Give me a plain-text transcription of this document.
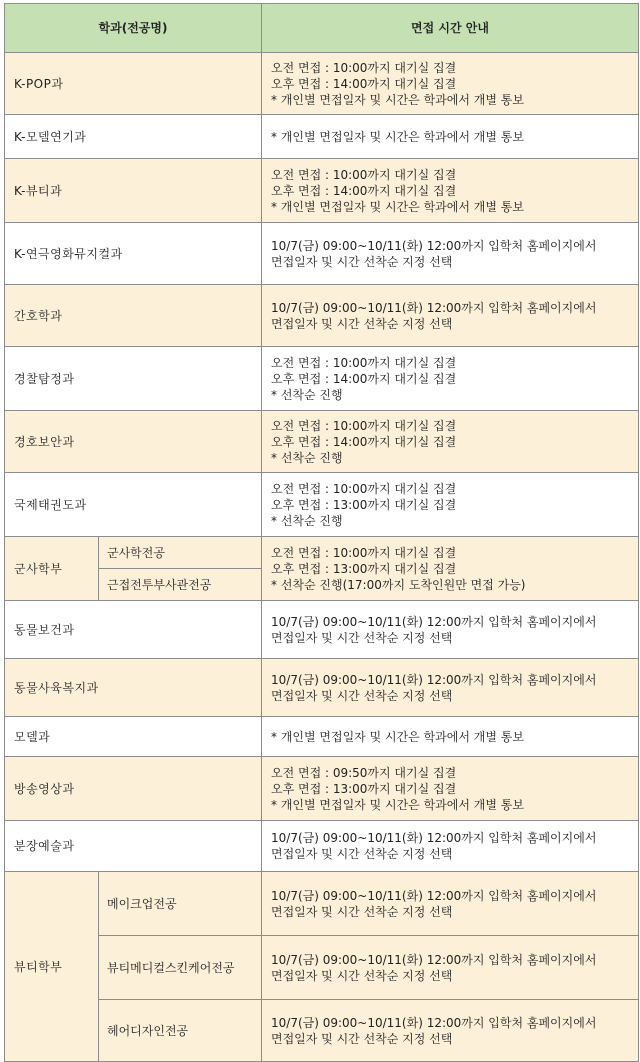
학과(전공명)		면접 시간 안내
K-POP과		오전 면접 : 10:00까지 대기실 집결
오후 면접 : 14:00까지 대기실 집결
* 개인별 면접일자 및 시간은 학과에서 개별 통보

K-모델연기과		* 개인별 면접일자 및 시간은 학과에서 개별 통보

K-뷰티과		오전 면접 : 10:00까지 대기실 집결
오후 면접 : 14:00까지 대기실 집결
* 개인별 면접일자 및 시간은 학과에서 개별 통보

K-연극영화뮤지컬과		10/7(금) 09:00~10/11(화) 12:00까지 입학처 홈페이지에서
면접일자 및 시간 선착순 지정 선택

간호학과		10/7(금) 09:00~10/11(화) 12:00까지 입학처 홈페이지에서
면접일자 및 시간 선착순 지정 선택

경찰탐정과		오전 면접 : 10:00까지 대기실 집결
오후 면접 : 14:00까지 대기실 집결
* 선착순 진행

경호보안과		오전 면접 : 10:00까지 대기실 집결
오후 면접 : 14:00까지 대기실 집결
* 선착순 진행

국제태권도과		오전 면접 : 10:00까지 대기실 집결
오후 면접 : 13:00까지 대기실 집결
* 선착순 진행

군사학부	군사학전공	오전 면접 : 10:00까지 대기실 집결
오후 면접 : 13:00까지 대기실 집결
* 선착순 진행(17:00까지 도착인원만 면접 가능)

	근접전투부사관전공	
동물보건과		10/7(금) 09:00~10/11(화) 12:00까지 입학처 홈페이지에서
면접일자 및 시간 선착순 지정 선택

동물사육복지과		10/7(금) 09:00~10/11(화) 12:00까지 입학처 홈페이지에서
면접일자 및 시간 선착순 지정 선택

모델과		* 개인별 면접일자 및 시간은 학과에서 개별 통보

방송영상과		오전 면접 : 09:50까지 대기실 집결
오후 면접 : 13:00까지 대기실 집결
* 개인별 면접일자 및 시간은 학과에서 개별 통보

분장예술과		10/7(금) 09:00~10/11(화) 12:00까지 입학처 홈페이지에서
면접일자 및 시간 선착순 지정 선택

뷰티학부	메이크업전공	10/7(금) 09:00~10/11(화) 12:00까지 입학처 홈페이지에서
면접일자 및 시간 선착순 지정 선택

	뷰티메디컬스킨케어전공	10/7(금) 09:00~10/11(화) 12:00까지 입학처 홈페이지에서
면접일자 및 시간 선착순 지정 선택

	헤어디자인전공	10/7(금) 09:00~10/11(화) 12:00까지 입학처 홈페이지에서
면접일자 및 시간 선착순 지정 선택
